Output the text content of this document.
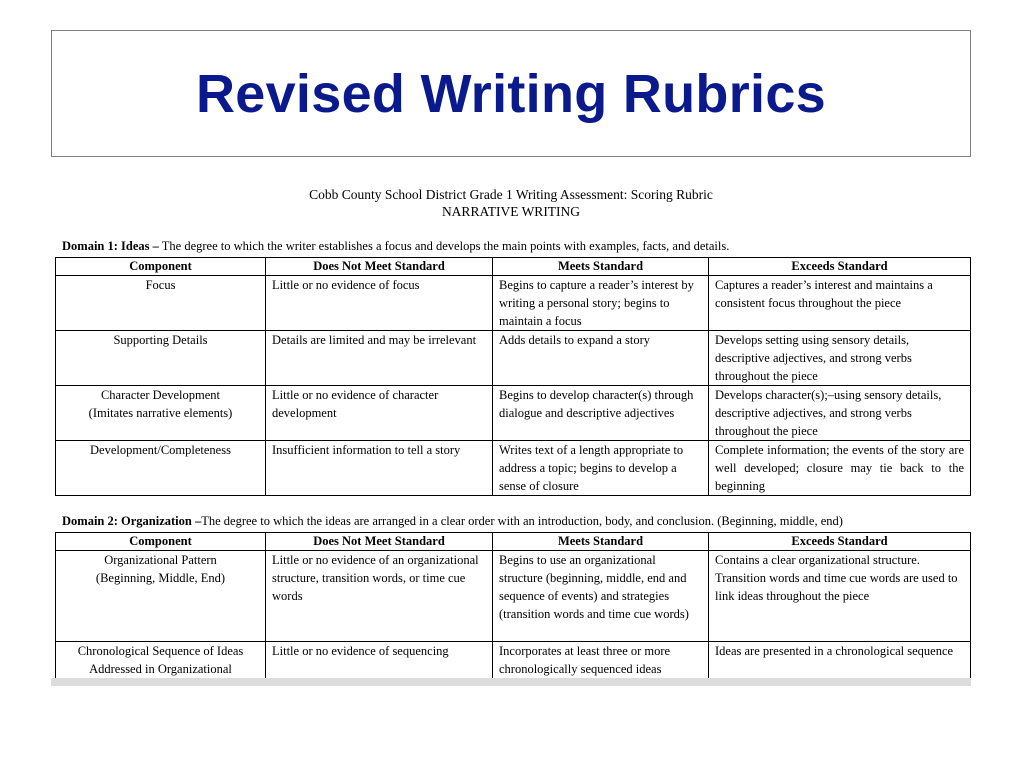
Revised Writing Rubrics
Cobb County School District Grade 1 Writing Assessment: Scoring Rubric
NARRATIVE WRITING
Domain 1: Ideas – The degree to which the writer establishes a focus and develops the main points with examples, facts, and details.
Component	Does Not Meet Standard	Meets Standard	Exceeds Standard
Focus	Little or no evidence of focus	Begins to capture a reader’s interest by writing a personal story; begins to maintain a focus	Captures a reader’s interest and maintains a consistent focus throughout the piece
Supporting Details	Details are limited and may be irrelevant	Adds details to expand a story	Develops setting using sensory details, descriptive adjectives, and strong verbs throughout the piece

Character Development
(Imitates narrative elements)	Little or no evidence of character development	Begins to develop character(s) through dialogue and descriptive adjectives	Develops character(s);–using sensory details, descriptive adjectives, and strong verbs throughout the piece
Development/Completeness	Insufficient information to tell a story	Writes text of a length appropriate to address a topic; begins to develop a sense of closure	Complete information; the events of the story are well developed; closure may tie back to the beginning
Domain 2: Organization –The degree to which the ideas are arranged in a clear order with an introduction, body, and conclusion. (Beginning, middle, end)
Component	Does Not Meet Standard	Meets Standard	Exceeds Standard

Organizational Pattern
(Beginning, Middle, End)	Little or no evidence of an organizational structure, transition words, or time cue words	Begins to use an organizational structure (beginning, middle, end and sequence of events) and strategies (transition words and time cue words)	Contains a clear organizational structure. Transition words and time cue words are used to link ideas throughout the piece

Chronological Sequence of Ideas
Addressed in Organizational	Little or no evidence of sequencing	Incorporates at least three or more chronologically sequenced ideas	Ideas are presented in a chronological sequence
